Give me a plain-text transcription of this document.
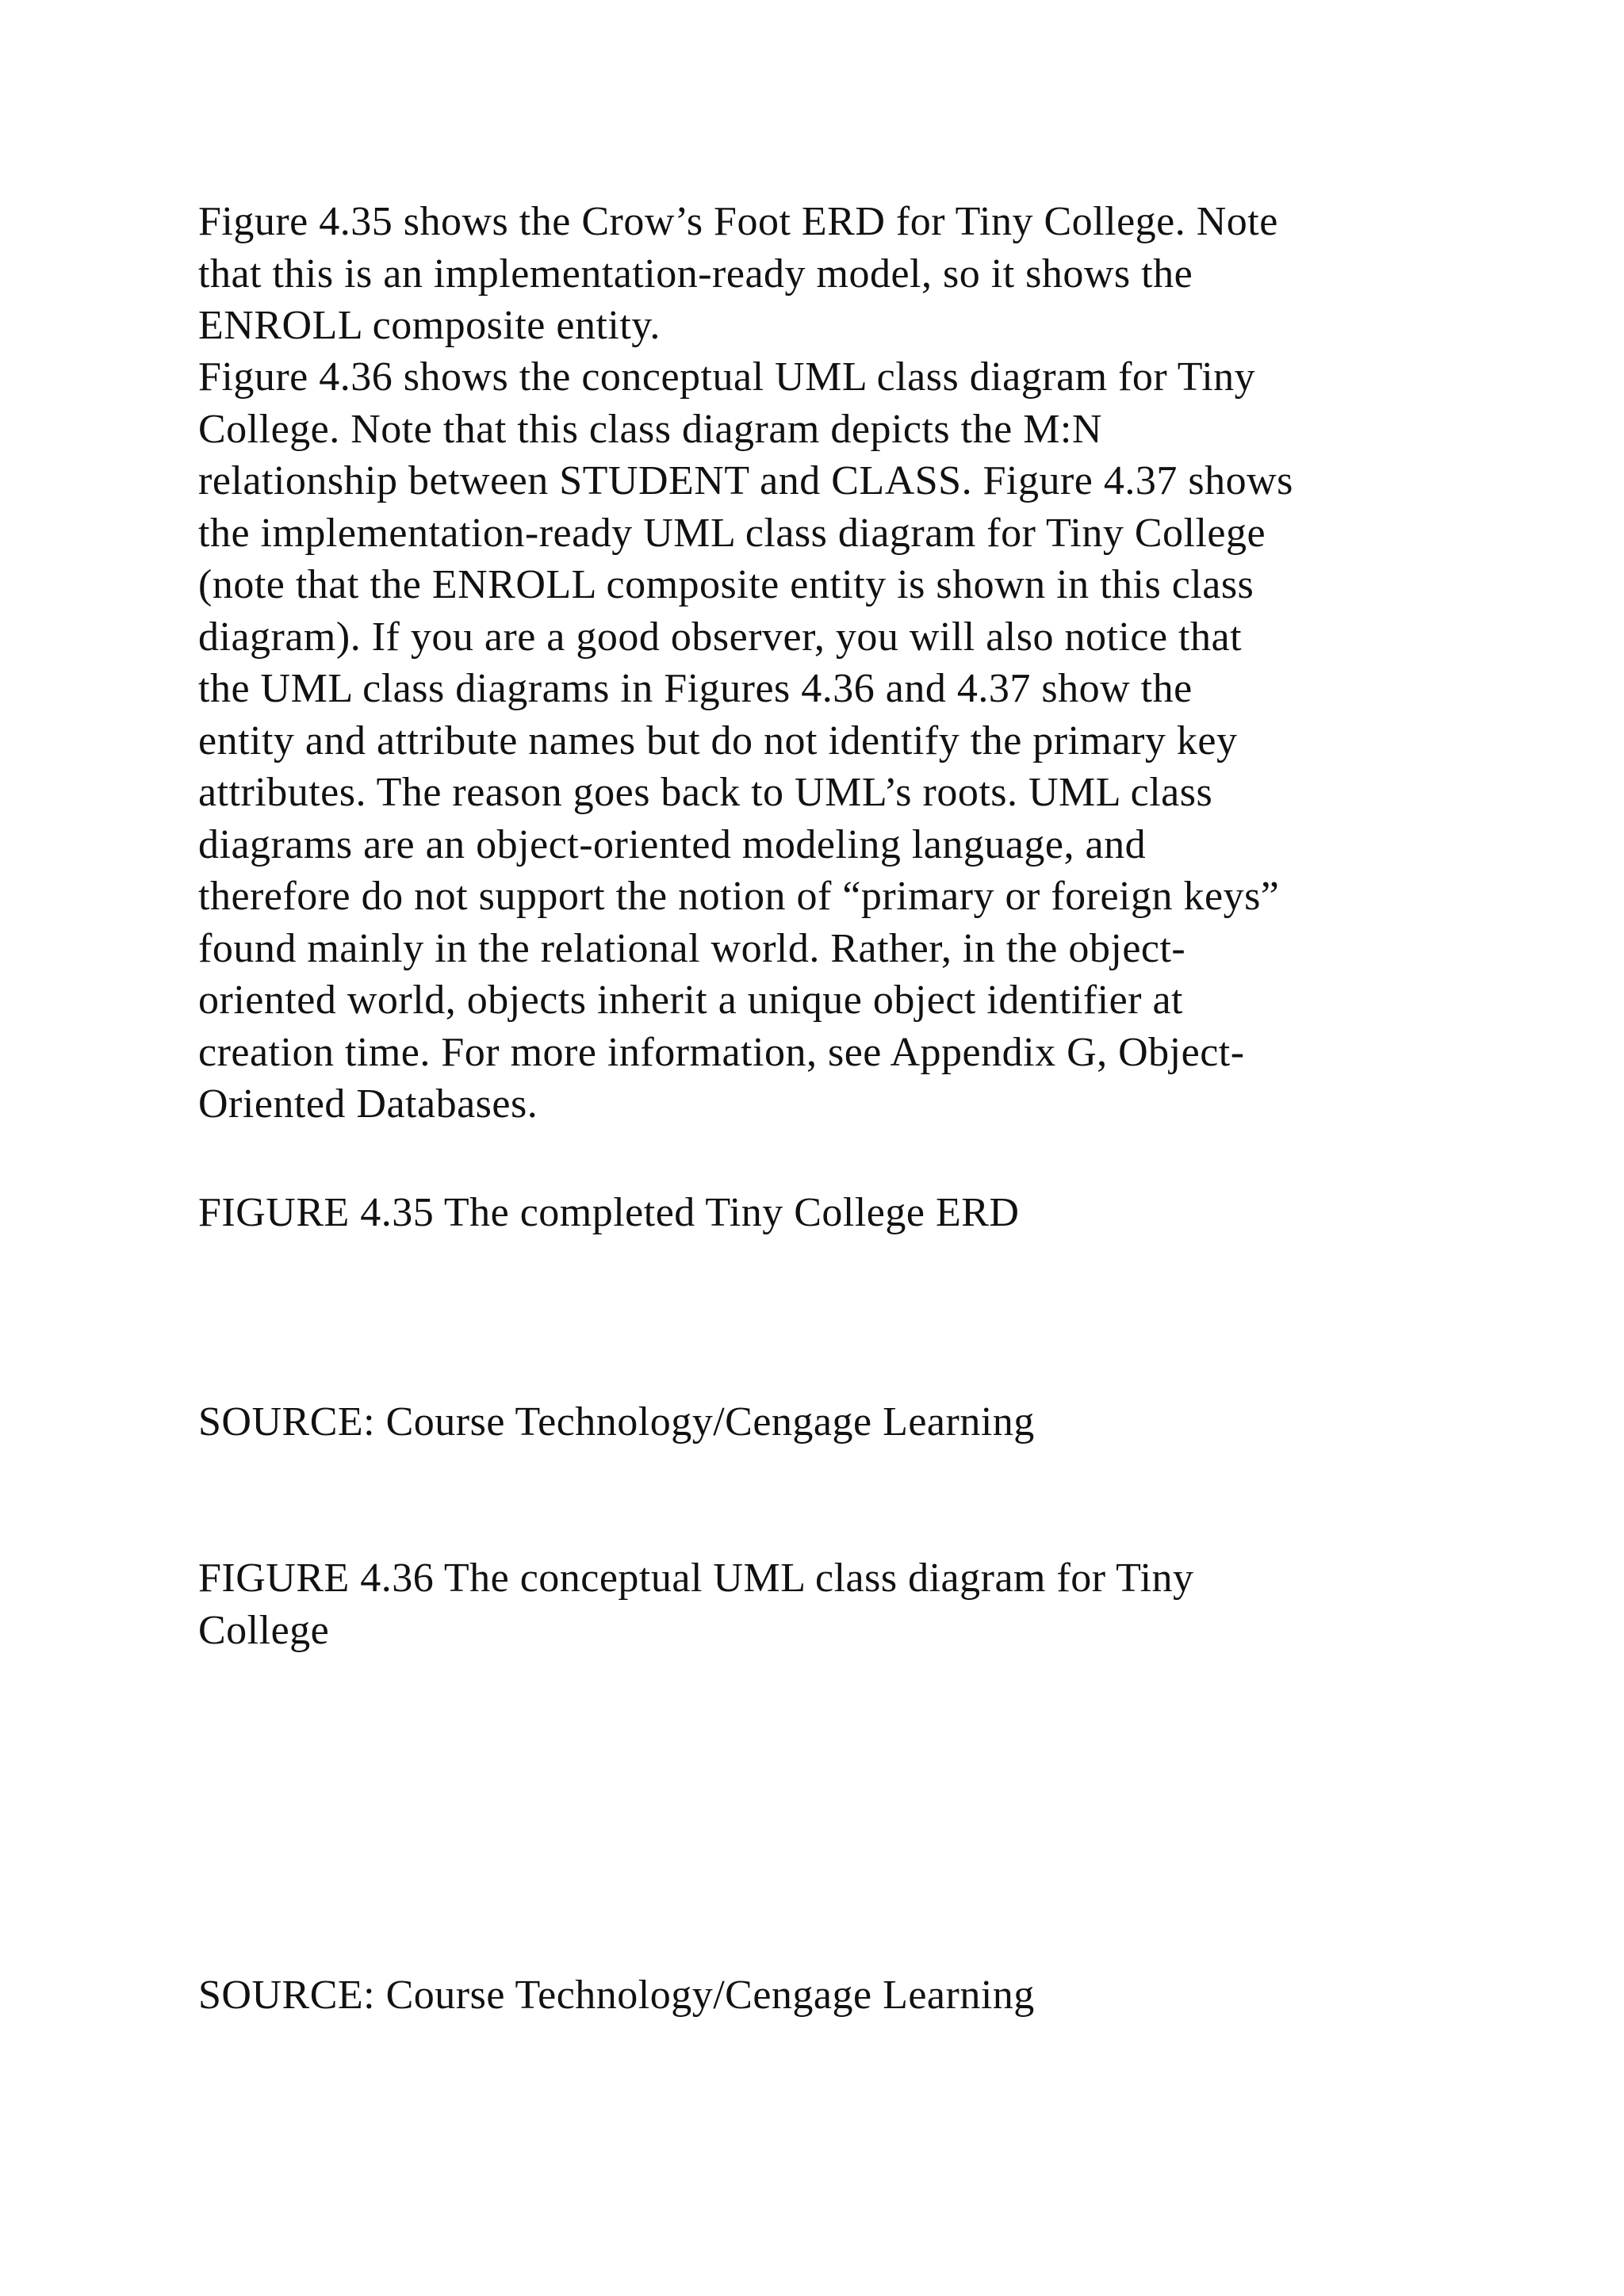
Figure 4.35 shows the Crow’s Foot ERD for Tiny College. Note
that this is an implementation-ready model, so it shows the
ENROLL composite entity.
Figure 4.36 shows the conceptual UML class diagram for Tiny
College. Note that this class diagram depicts the M:N
relationship between STUDENT and CLASS. Figure 4.37 shows
the implementation-ready UML class diagram for Tiny College
(note that the ENROLL composite entity is shown in this class
diagram). If you are a good observer, you will also notice that
the UML class diagrams in Figures 4.36 and 4.37 show the
entity and attribute names but do not identify the primary key
attributes. The reason goes back to UML’s roots. UML class
diagrams are an object-oriented modeling language, and
therefore do not support the notion of “primary or foreign keys”
found mainly in the relational world. Rather, in the object-
oriented world, objects inherit a unique object identifier at
creation time. For more information, see Appendix G, Object-
Oriented Databases.
FIGURE 4.35 The completed Tiny College ERD
SOURCE: Course Technology/Cengage Learning
FIGURE 4.36 The conceptual UML class diagram for Tiny
College
SOURCE: Course Technology/Cengage Learning
